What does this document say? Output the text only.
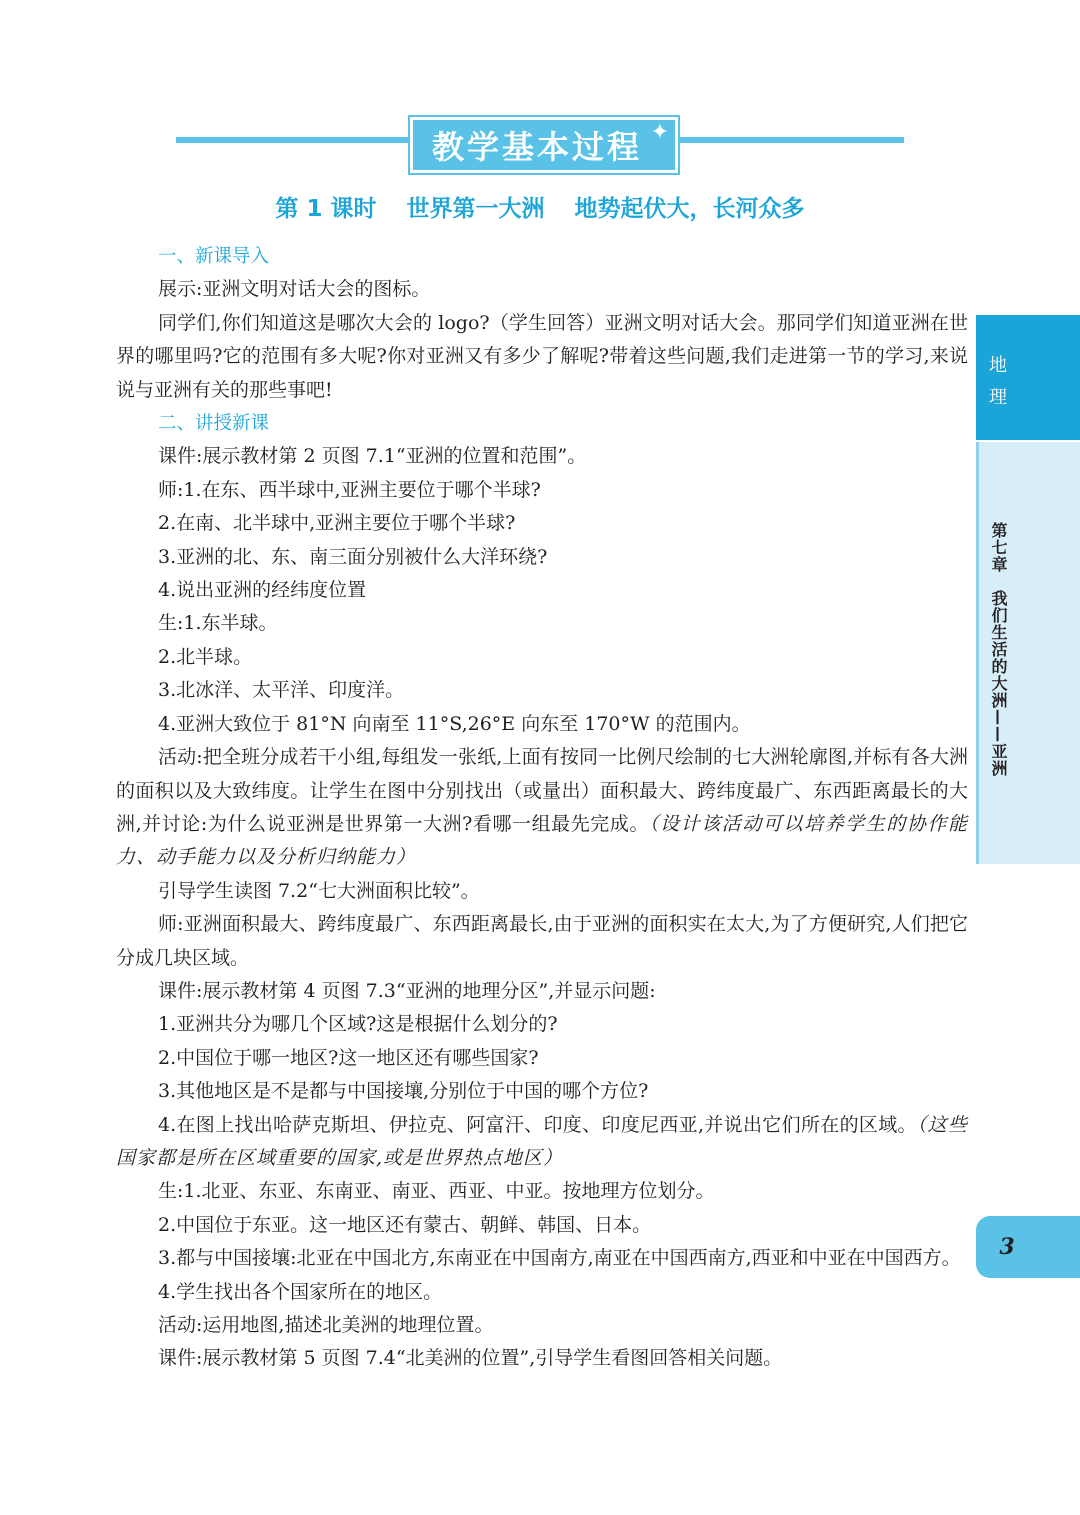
教学基本过程 ✦
第 1 课时 世界第一大洲 地势起伏大，长河众多

一、新课导入

展示:亚洲文明对话大会的图标。

同学们,你们知道这是哪次大会的 logo?（学生回答）亚洲文明对话大会。那同学们知道亚洲在世界的哪里吗?它的范围有多大呢?你对亚洲又有多少了解呢?带着这些问题,我们走进第一节的学习,来说说与亚洲有关的那些事吧!

二、讲授新课

课件:展示教材第 2 页图 7.1“亚洲的位置和范围”。

师:1.在东、西半球中,亚洲主要位于哪个半球?

2.在南、北半球中,亚洲主要位于哪个半球?

3.亚洲的北、东、南三面分别被什么大洋环绕?

4.说出亚洲的经纬度位置

生:1.东半球。

2.北半球。

3.北冰洋、太平洋、印度洋。

4.亚洲大致位于 81°N 向南至 11°S,26°E 向东至 170°W 的范围内。

活动:把全班分成若干小组,每组发一张纸,上面有按同一比例尺绘制的七大洲轮廓图,并标有各大洲的面积以及大致纬度。让学生在图中分别找出（或量出）面积最大、跨纬度最广、东西距离最长的大洲,并讨论:为什么说亚洲是世界第一大洲?看哪一组最先完成。（设计该活动可以培养学生的协作能力、动手能力以及分析归纳能力）

引导学生读图 7.2“七大洲面积比较”。

师:亚洲面积最大、跨纬度最广、东西距离最长,由于亚洲的面积实在太大,为了方便研究,人们把它分成几块区域。

课件:展示教材第 4 页图 7.3“亚洲的地理分区”,并显示问题:

1.亚洲共分为哪几个区域?这是根据什么划分的?

2.中国位于哪一地区?这一地区还有哪些国家?

3.其他地区是不是都与中国接壤,分别位于中国的哪个方位?

4.在图上找出哈萨克斯坦、伊拉克、阿富汗、印度、印度尼西亚,并说出它们所在的区域。（这些国家都是所在区域重要的国家,或是世界热点地区）

生:1.北亚、东亚、东南亚、南亚、西亚、中亚。按地理方位划分。

2.中国位于东亚。这一地区还有蒙古、朝鲜、韩国、日本。

3.都与中国接壤:北亚在中国北方,东南亚在中国南方,南亚在中国西南方,西亚和中亚在中国西方。

4.学生找出各个国家所在的地区。

活动:运用地图,描述北美洲的地理位置。

课件:展示教材第 5 页图 7.4“北美洲的位置”,引导学生看图回答相关问题。

地理
第七章　我们生活的大洲——亚洲
3
